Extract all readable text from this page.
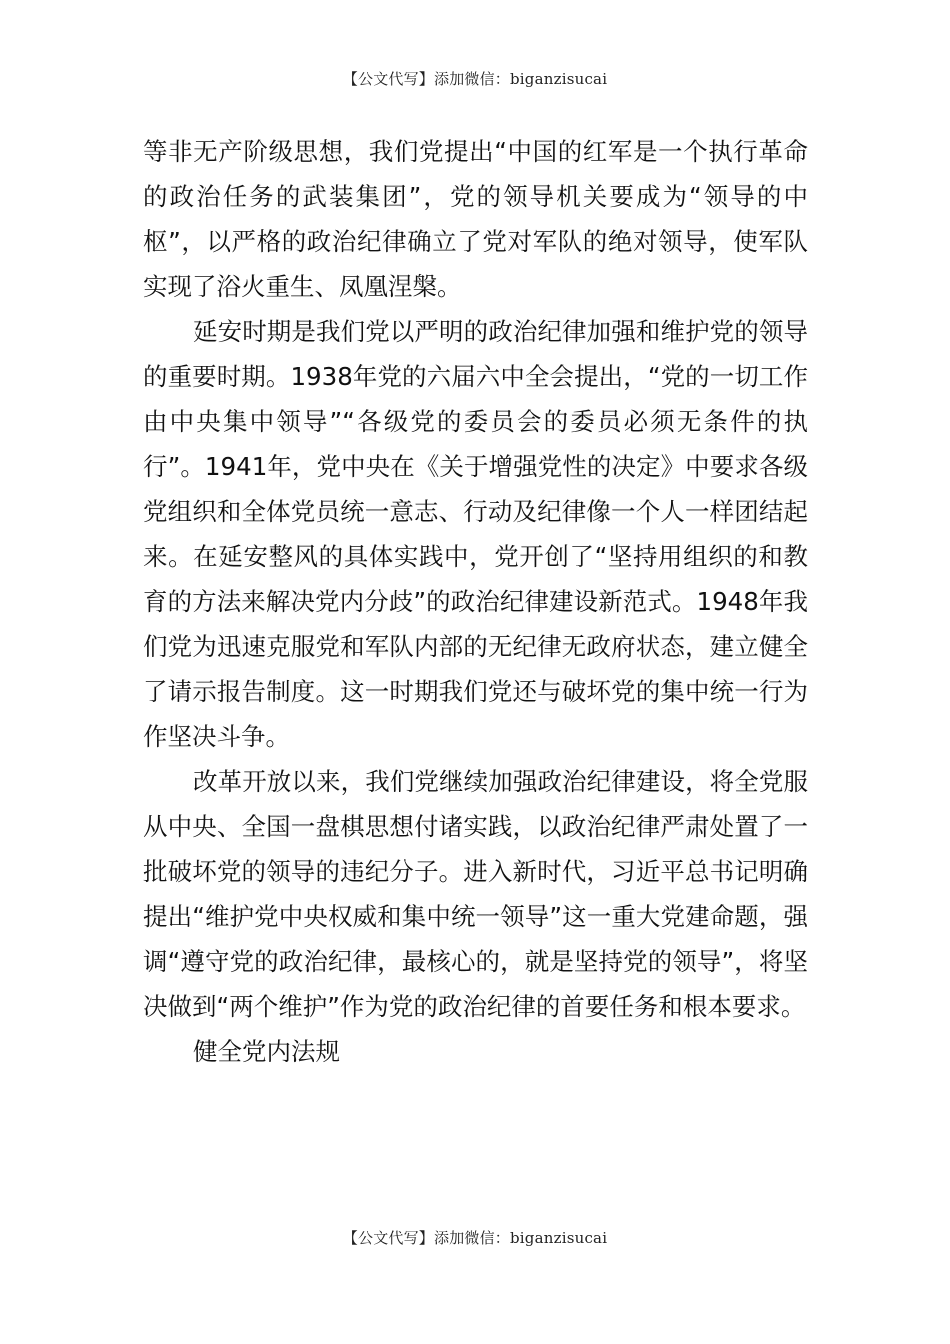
【公文代写】添加微信：biganzisucai

等非无产阶级思想，我们党提出“中国的红军是一个执行革命的政治任务的武装集团”，党的领导机关要成为“领导的中枢”，以严格的政治纪律确立了党对军队的绝对领导，使军队实现了浴火重生、凤凰涅槃。

延安时期是我们党以严明的政治纪律加强和维护党的领导的重要时期。1938年党的六届六中全会提出，“党的一切工作由中央集中领导”“各级党的委员会的委员必须无条件的执行”。1941年，党中央在《关于增强党性的决定》中要求各级党组织和全体党员统一意志、行动及纪律像一个人一样团结起来。在延安整风的具体实践中，党开创了“坚持用组织的和教育的方法来解决党内分歧”的政治纪律建设新范式。1948年我们党为迅速克服党和军队内部的无纪律无政府状态，建立健全了请示报告制度。这一时期我们党还与破坏党的集中统一行为作坚决斗争。

改革开放以来，我们党继续加强政治纪律建设，将全党服从中央、全国一盘棋思想付诸实践，以政治纪律严肃处置了一批破坏党的领导的违纪分子。进入新时代，习近平总书记明确提出“维护党中央权威和集中统一领导”这一重大党建命题，强调“遵守党的政治纪律，最核心的，就是坚持党的领导”，将坚决做到“两个维护”作为党的政治纪律的首要任务和根本要求。

健全党内法规

【公文代写】添加微信：biganzisucai
